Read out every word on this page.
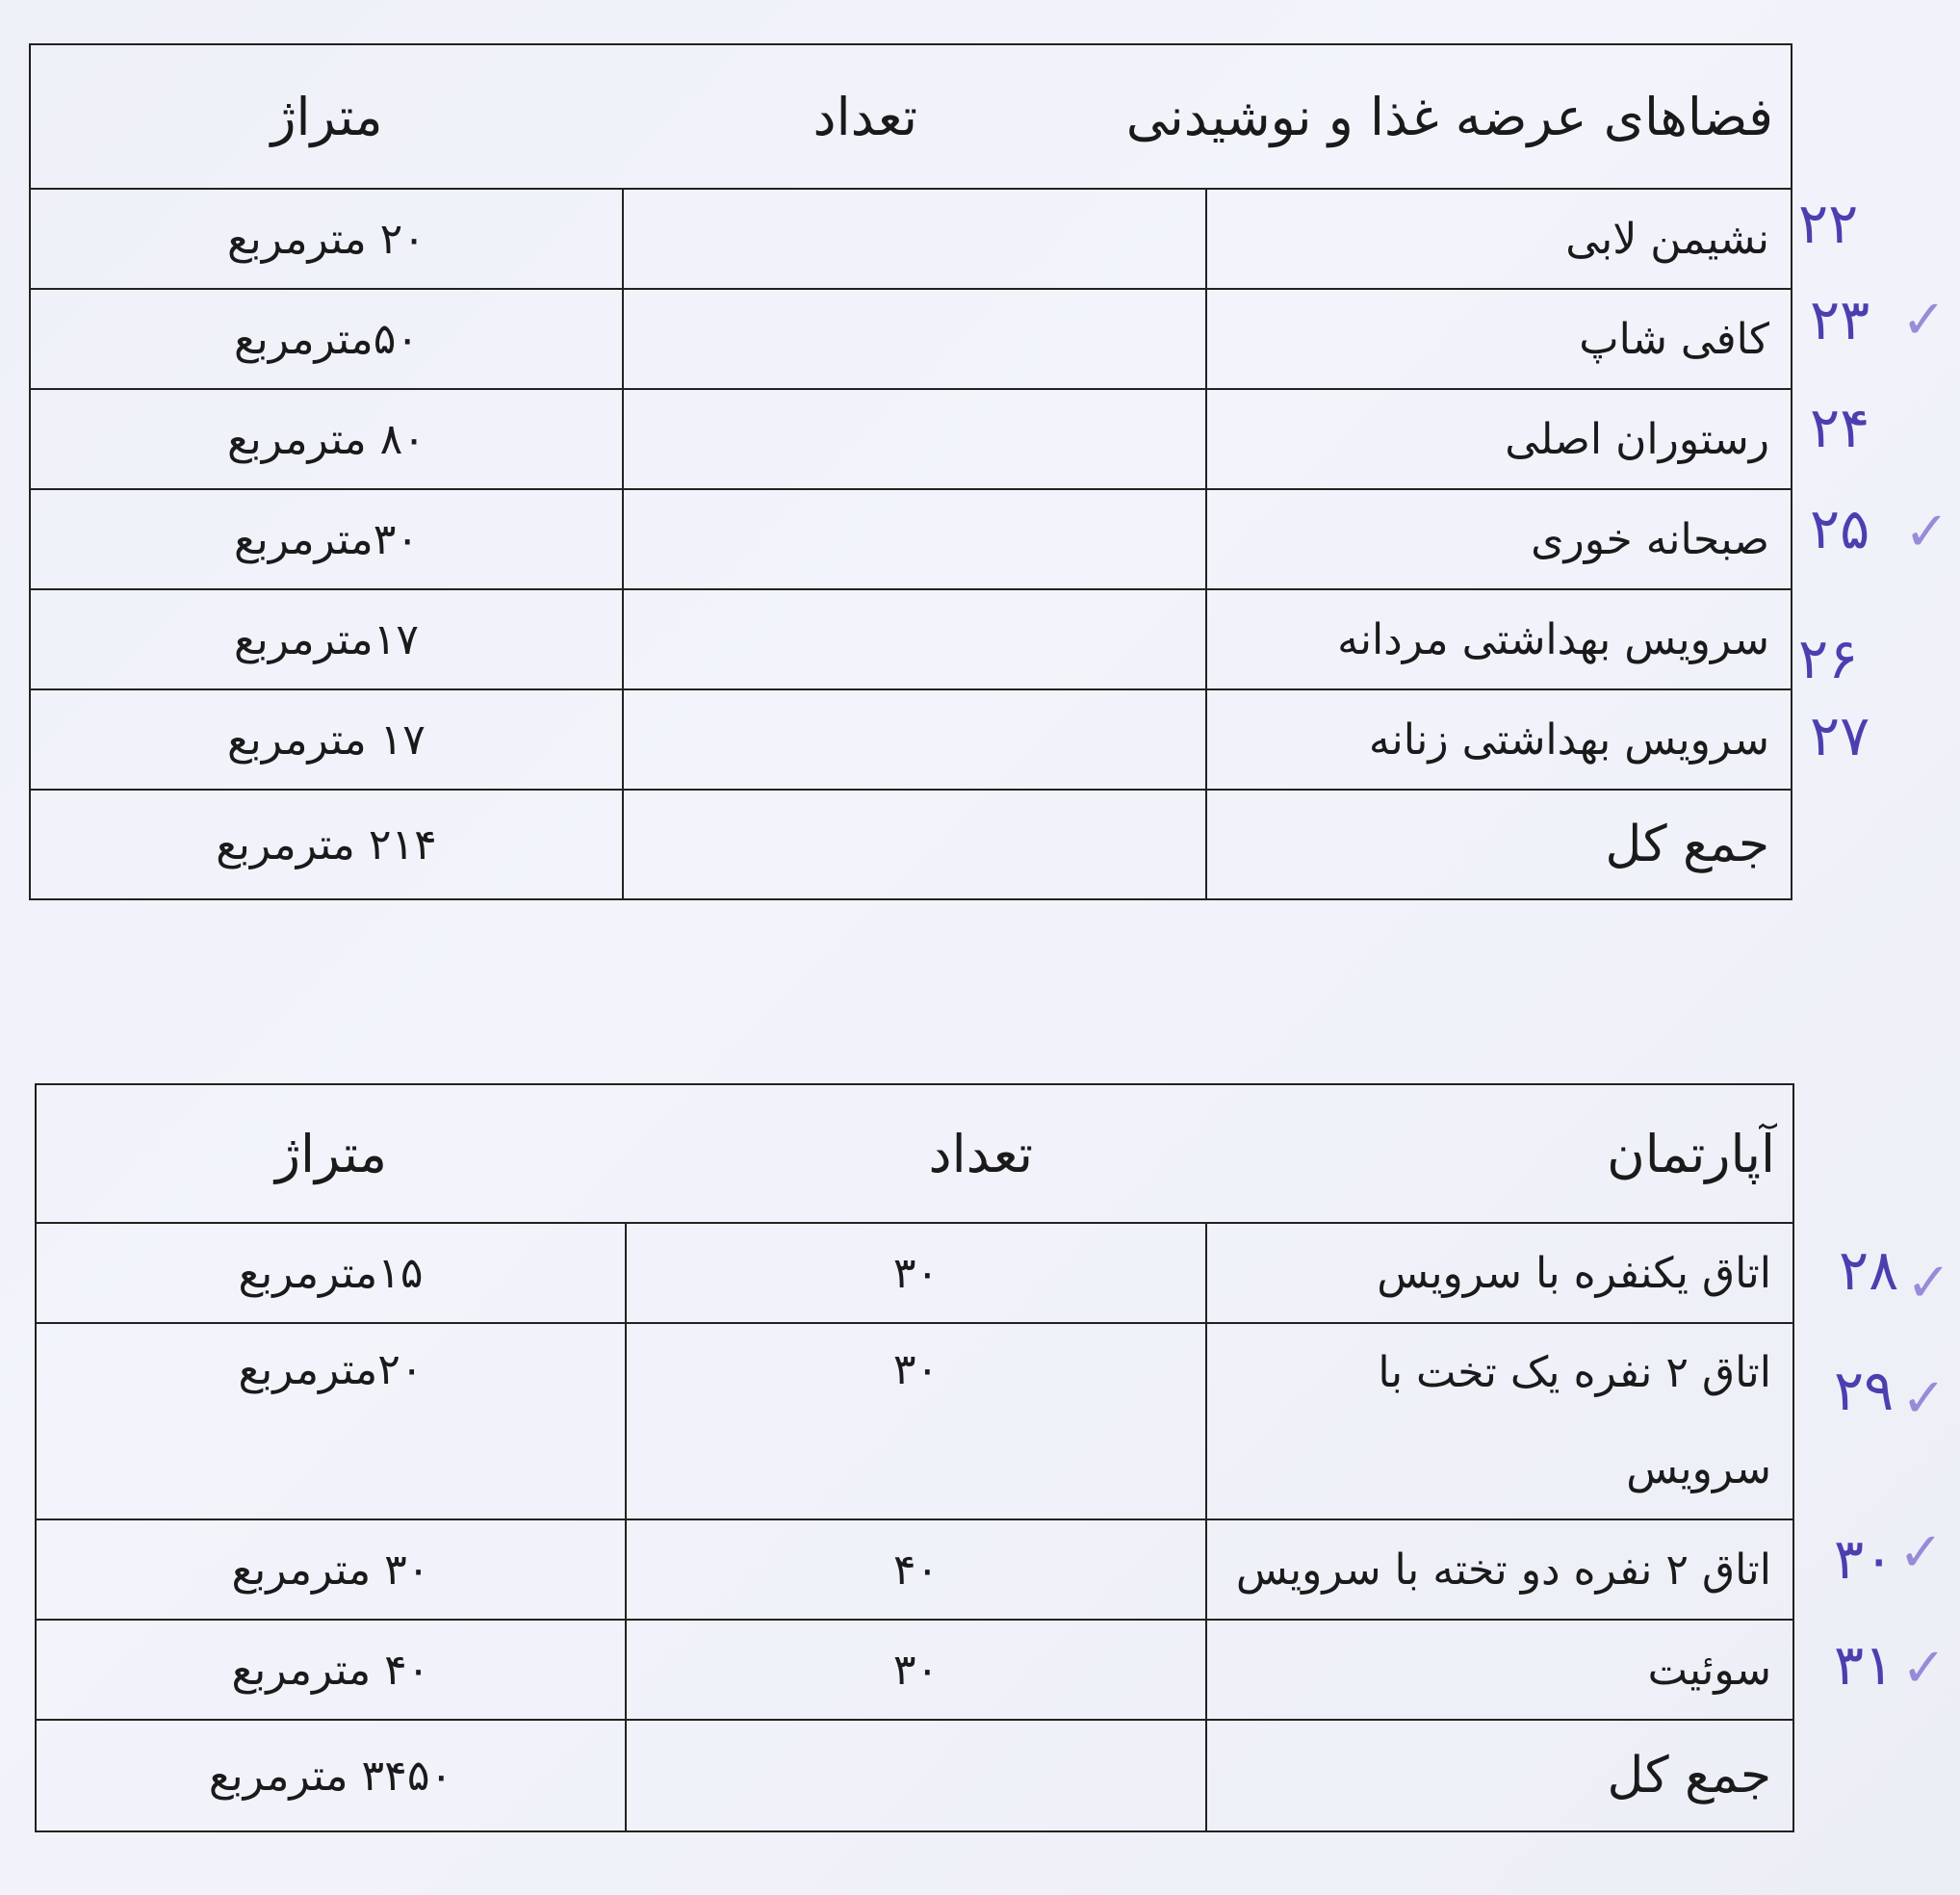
فضاهای عرضه غذا و نوشیدنی	تعداد	متراژ
نشیمن لابی		۲۰ مترمربع
کافی شاپ		۵۰مترمربع
رستوران اصلی		۸۰ مترمربع
صبحانه خوری		۳۰مترمربع
سرویس بهداشتی مردانه		۱۷مترمربع
سرویس بهداشتی زنانه		۱۷ مترمربع
جمع کل		۲۱۴ مترمربع
۲۲
۲۳
۲۴
۲۵
۲۶
۲۷
✓
✓
آپارتمان	تعداد	متراژ
اتاق یکنفره با سرویس	۳۰	۱۵مترمربع
اتاق ۲ نفره یک تخت با سرویس	۳۰	۲۰مترمربع
اتاق ۲ نفره دو تخته با سرویس	۴۰	۳۰ مترمربع
سوئیت	۳۰	۴۰ مترمربع
جمع کل		۳۴۵۰ مترمربع
۲۸
۲۹
۳۰
۳۱
✓
✓
✓
✓
